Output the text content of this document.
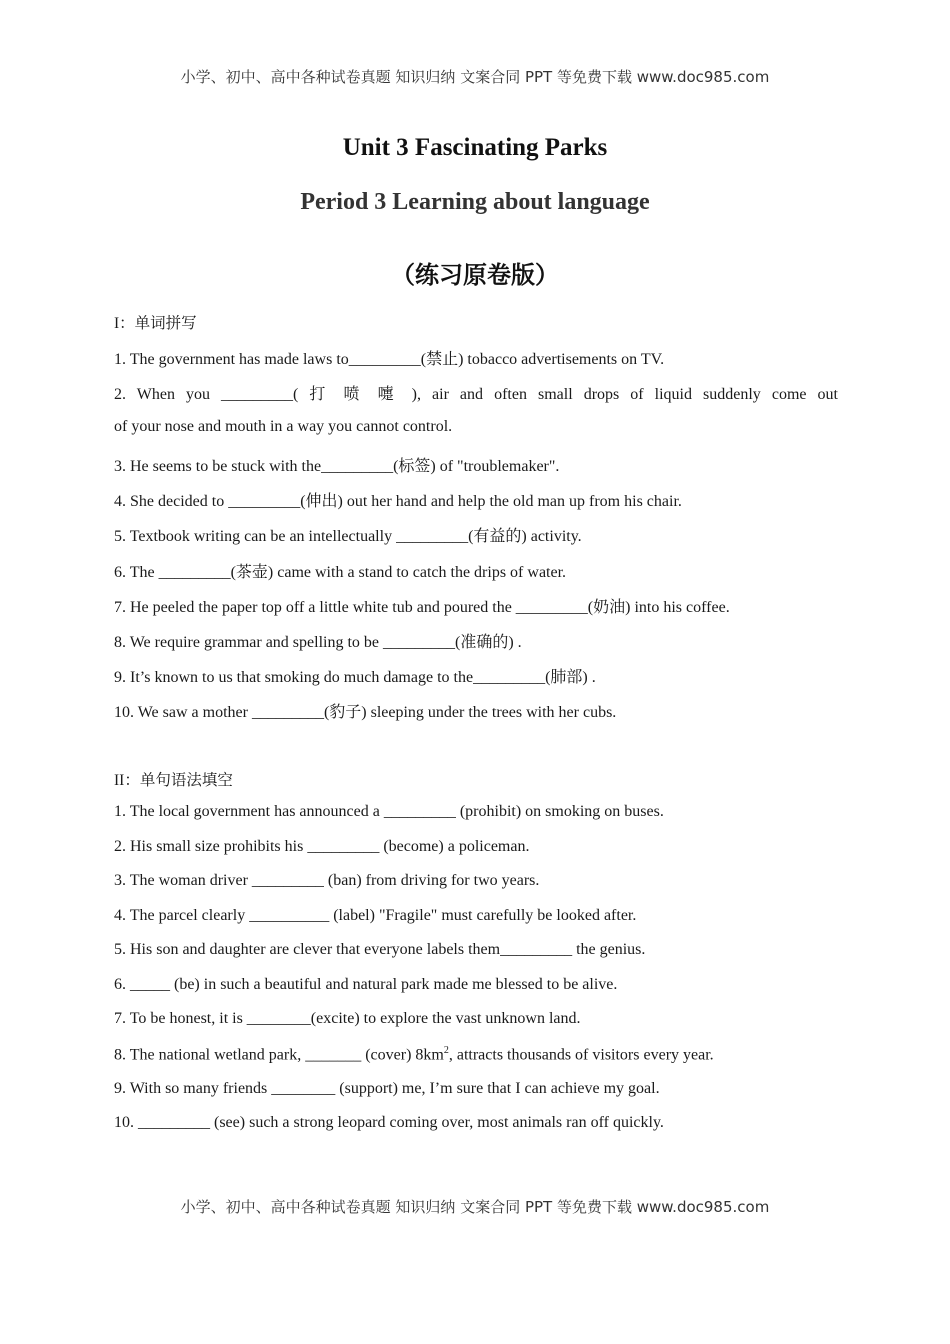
小学、初中、高中各种试卷真题 知识归纳 文案合同 PPT 等免费下载 www.doc985.com
Unit 3 Fascinating Parks
Period 3 Learning about language
（练习原卷版）
I：单词拼写
1. The government has made laws to_________(禁止) tobacco advertisements on TV.
2. When you _________( 打 喷 嚏 ), air and often small drops of liquid suddenly come out
of your nose and mouth in a way you cannot control.
3. He seems to be stuck with the_________(标签) of "troublemaker".
4. She decided to _________(伸出) out her hand and help the old man up from his chair.
5. Textbook writing can be an intellectually _________(有益的) activity.
6. The _________(茶壶) came with a stand to catch the drips of water.
7. He peeled the paper top off a little white tub and poured the _________(奶油) into his coffee.
8. We require grammar and spelling to be _________(准确的) .
9. It’s known to us that smoking do much damage to the_________(肺部) .
10. We saw a mother _________(豹子) sleeping under the trees with her cubs.
II：单句语法填空
1. The local government has announced a _________ (prohibit) on smoking on buses.
2. His small size prohibits his _________ (become) a policeman.
3. The woman driver _________ (ban) from driving for two years.
4. The parcel clearly __________ (label) "Fragile" must carefully be looked after.
5. His son and daughter are clever that everyone labels them_________ the genius.
6. _____ (be) in such a beautiful and natural park made me blessed to be alive.
7. To be honest, it is ________(excite) to explore the vast unknown land.
8. The national wetland park, _______ (cover) $8km^2$, attracts thousands of visitors every year.
9. With so many friends ________ (support) me, I’m sure that I can achieve my goal.
10. _________ (see) such a strong leopard coming over, most animals ran off quickly.
小学、初中、高中各种试卷真题 知识归纳 文案合同 PPT 等免费下载 www.doc985.com
